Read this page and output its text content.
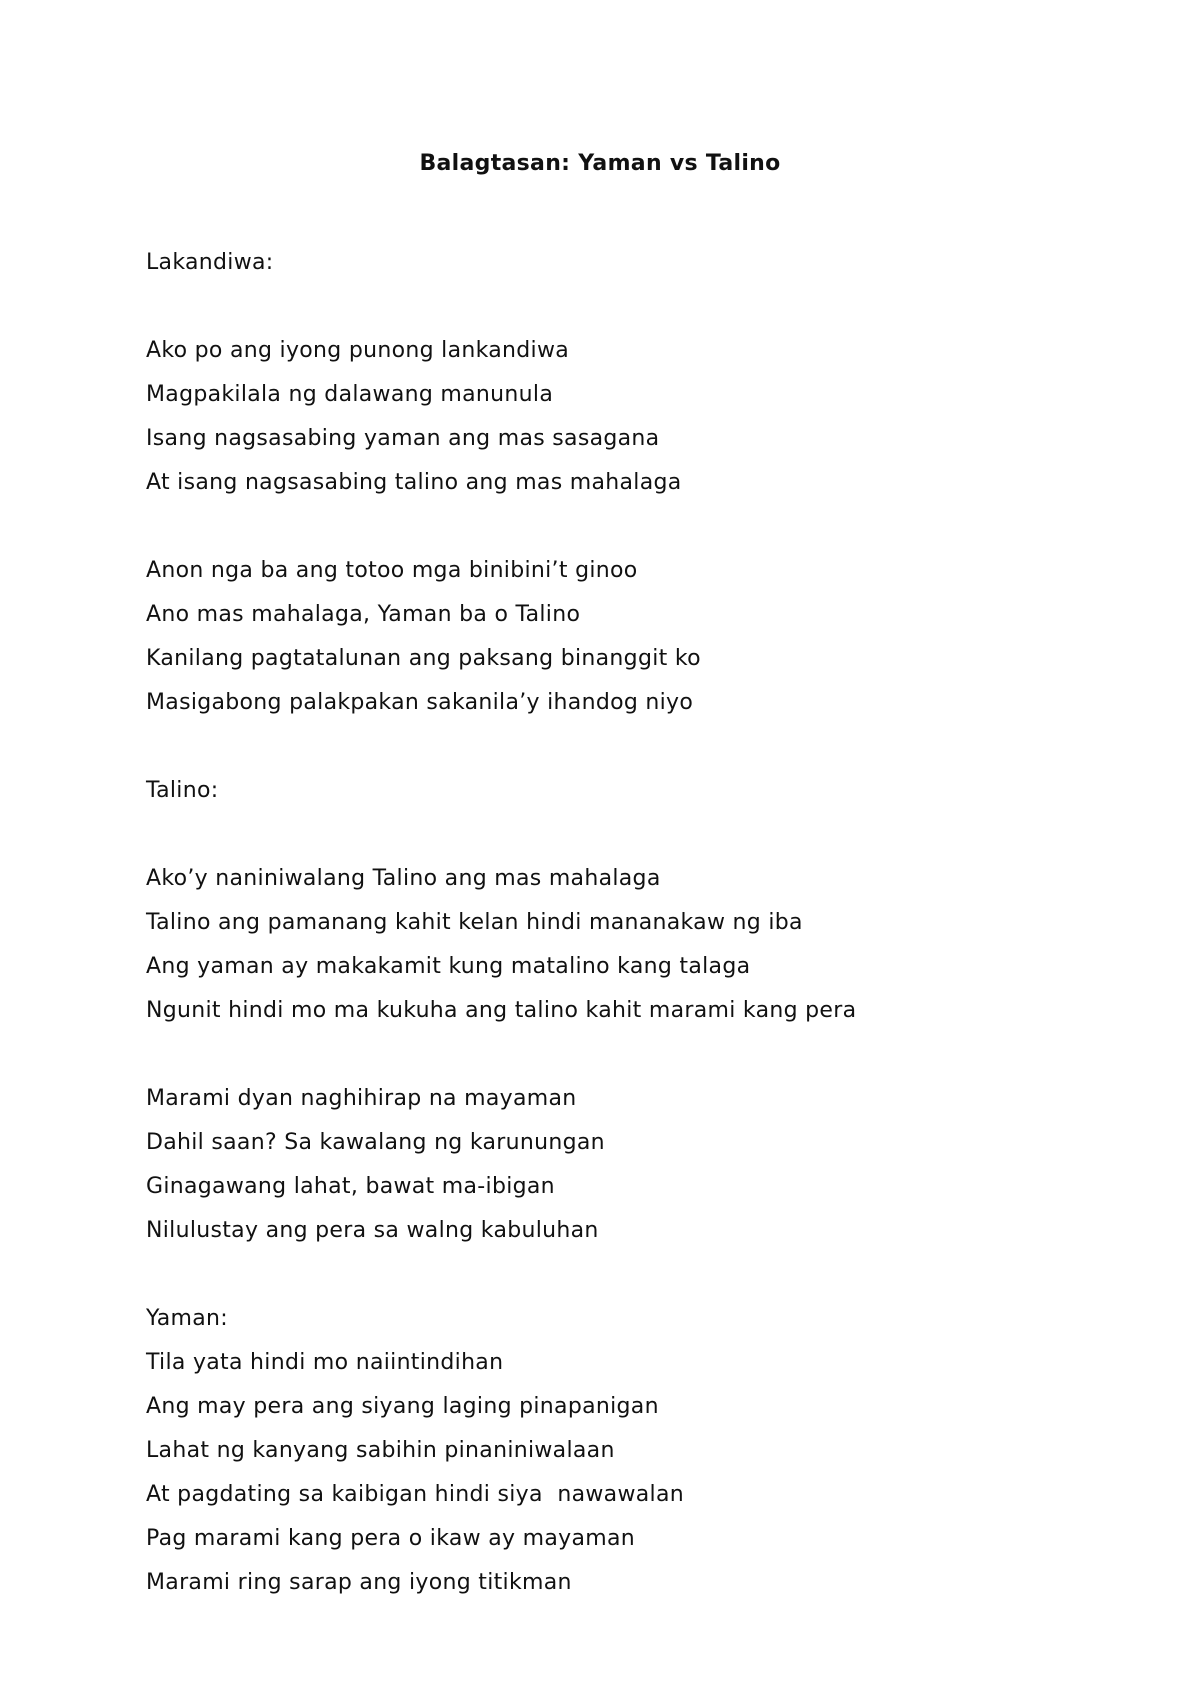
Balagtasan: Yaman vs Talino
Lakandiwa:
Ako po ang iyong punong lankandiwa
Magpakilala ng dalawang manunula
Isang nagsasabing yaman ang mas sasagana
At isang nagsasabing talino ang mas mahalaga
Anon nga ba ang totoo mga binibini’t ginoo
Ano mas mahalaga, Yaman ba o Talino
Kanilang pagtatalunan ang paksang binanggit ko
Masigabong palakpakan sakanila’y ihandog niyo
Talino:
Ako’y naniniwalang Talino ang mas mahalaga
Talino ang pamanang kahit kelan hindi mananakaw ng iba
Ang yaman ay makakamit kung matalino kang talaga
Ngunit hindi mo ma kukuha ang talino kahit marami kang pera
Marami dyan naghihirap na mayaman
Dahil saan? Sa kawalang ng karunungan
Ginagawang lahat, bawat ma-ibigan
Nilulustay ang pera sa walng kabuluhan
Yaman:
Tila yata hindi mo naiintindihan
Ang may pera ang siyang laging pinapanigan
Lahat ng kanyang sabihin pinaniniwalaan
At pagdating sa kaibigan hindi siya  nawawalan
Pag marami kang pera o ikaw ay mayaman
Marami ring sarap ang iyong titikman
